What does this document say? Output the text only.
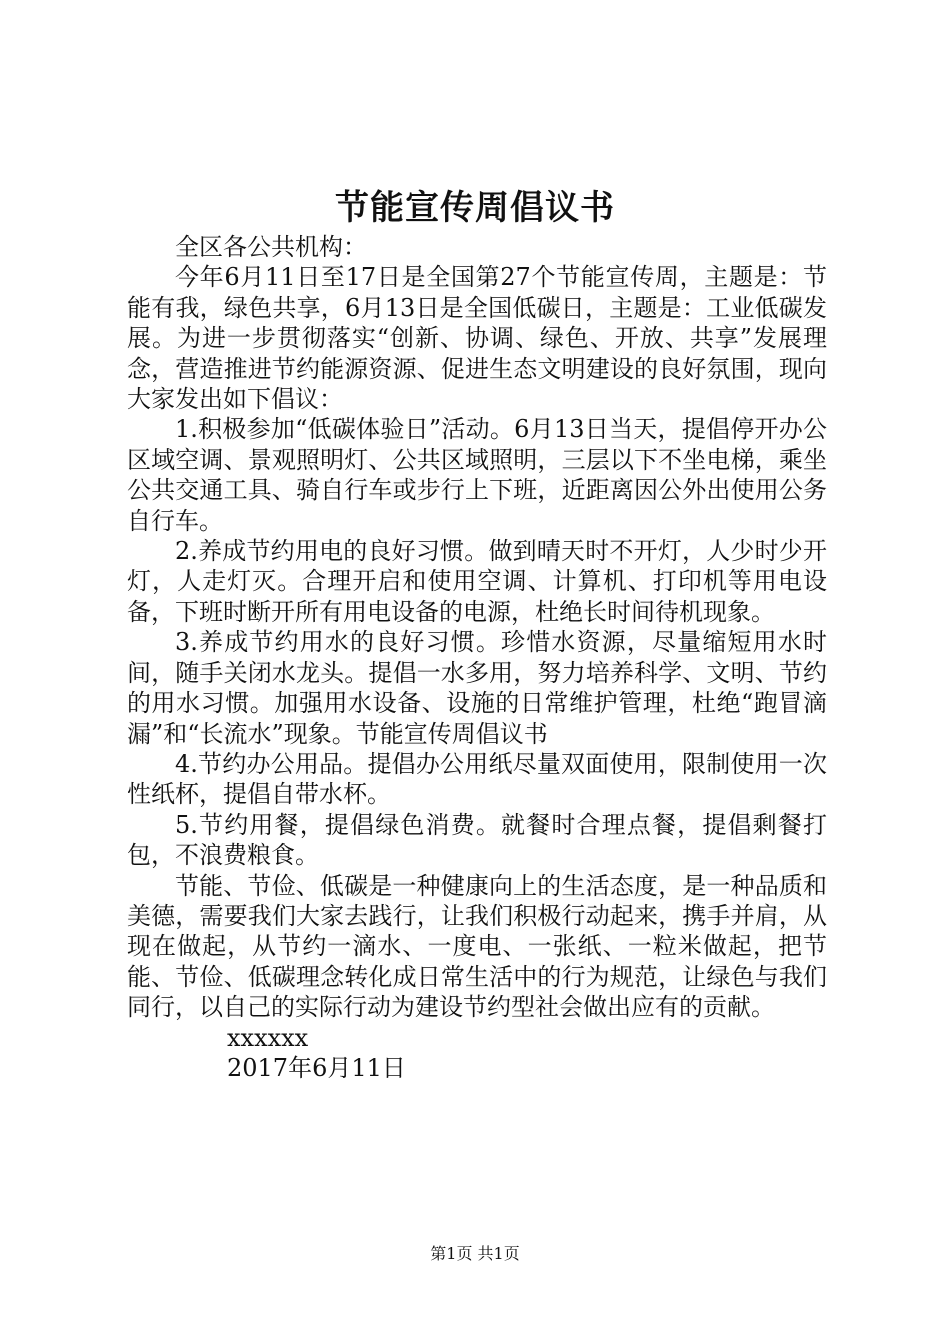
节能宣传周倡议书

全区各公共机构：

今年6月11日至17日是全国第27个节能宣传周，主题是：节能有我，绿色共享，6月13日是全国低碳日，主题是：工业低碳发展。为进一步贯彻落实“创新、协调、绿色、开放、共享”发展理念，营造推进节约能源资源、促进生态文明建设的良好氛围，现向大家发出如下倡议：

1.积极参加“低碳体验日”活动。6月13日当天，提倡停开办公区域空调、景观照明灯、公共区域照明，三层以下不坐电梯，乘坐公共交通工具、骑自行车或步行上下班，近距离因公外出使用公务自行车。

2.养成节约用电的良好习惯。做到晴天时不开灯，人少时少开灯，人走灯灭。合理开启和使用空调、计算机、打印机等用电设备，下班时断开所有用电设备的电源，杜绝长时间待机现象。

3.养成节约用水的良好习惯。珍惜水资源，尽量缩短用水时间，随手关闭水龙头。提倡一水多用，努力培养科学、文明、节约的用水习惯。加强用水设备、设施的日常维护管理，杜绝“跑冒滴漏”和“长流水”现象。节能宣传周倡议书

4.节约办公用品。提倡办公用纸尽量双面使用，限制使用一次性纸杯，提倡自带水杯。

5.节约用餐，提倡绿色消费。就餐时合理点餐，提倡剩餐打包，不浪费粮食。

节能、节俭、低碳是一种健康向上的生活态度，是一种品质和美德，需要我们大家去践行，让我们积极行动起来，携手并肩，从现在做起，从节约一滴水、一度电、一张纸、一粒米做起，把节能、节俭、低碳理念转化成日常生活中的行为规范，让绿色与我们同行，以自己的实际行动为建设节约型社会做出应有的贡献。

xxxxxx

2017年6月11日

第1页 共1页
